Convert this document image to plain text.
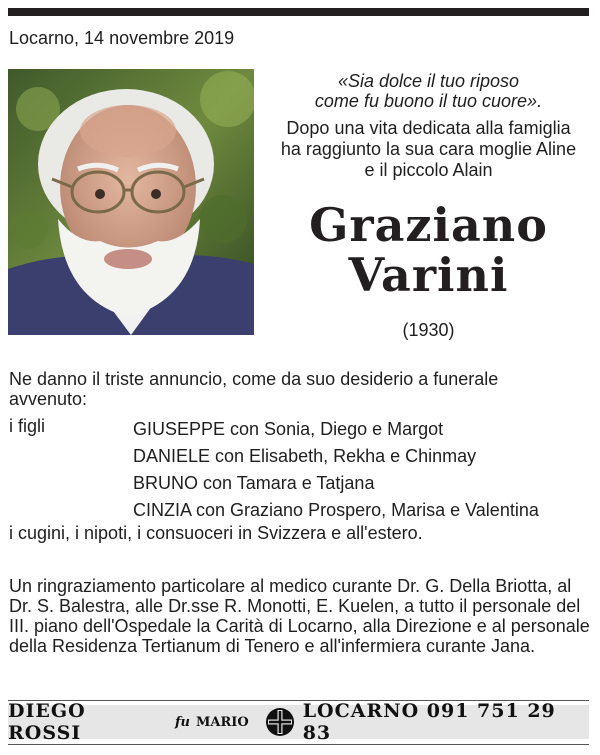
Locarno, 14 novembre 2019
«Sia dolce il tuo riposo
come fu buono il tuo cuore».
Dopo una vita dedicata alla famiglia
ha raggiunto la sua cara moglie Aline
e il piccolo Alain
Graziano
Varini
(1930)
Ne danno il triste annuncio, come da suo desiderio a funerale avvenuto:
i figli	GIUSEPPE con Sonia, Diego e Margot
DANIELE con Elisabeth, Rekha e Chinmay
BRUNO con Tamara e Tatjana
CINZIA con Graziano Prospero, Marisa e Valentina
i cugini, i nipoti, i consuoceri in Svizzera e all'estero.
Un ringraziamento particolare al medico curante Dr. G. Della Briotta, al Dr. S. Balestra, alle Dr.sse R. Monotti, E. Kuelen, a tutto il personale del III. piano dell'Ospedale la Carità di Locarno, alla Direzione e al personale della Residenza Tertianum di Tenero e all'infermiera curante Jana.
DIEGO ROSSI	fu MARIO	LOCARNO 091 751 29 83
